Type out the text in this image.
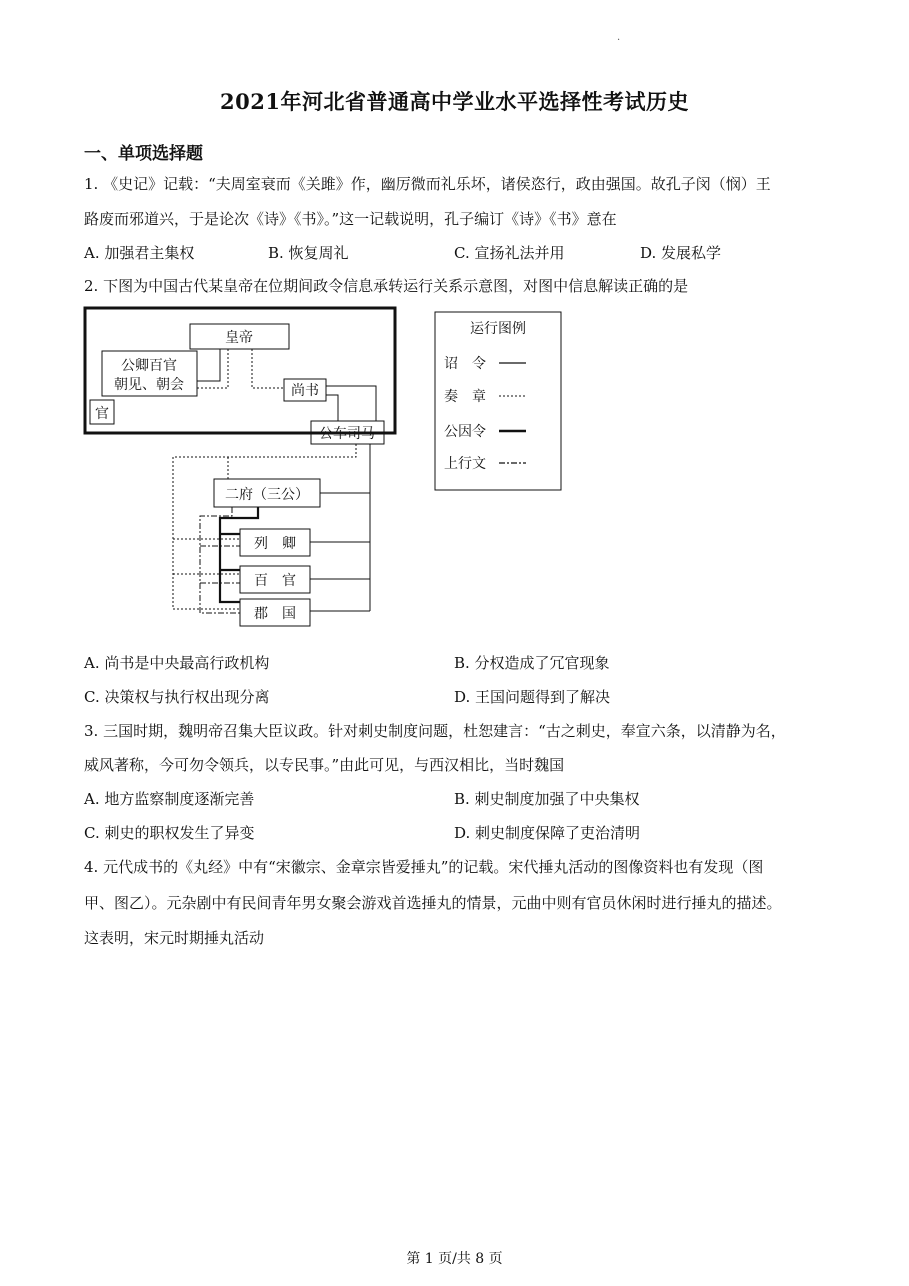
.
2021年河北省普通高中学业水平选择性考试历史
一、单项选择题
1. 《史记》记载：“夫周室衰而《关雎》作，幽厉微而礼乐坏，诸侯恣行，政由强国。故孔子闵（悯）王
路废而邪道兴，于是论次《诗》《书》。”这一记载说明，孔子编订《诗》《书》意在
A. 加强君主集权	B. 恢复周礼	C. 宣扬礼法并用	D. 发展私学
2. 下图为中国古代某皇帝在位期间政令信息承转运行关系示意图，对图中信息解读正确的是
皇帝
公卿百官
朝见、朝会
官
尚书
公车司马
二府（三公）
列　卿
百　官
郡　国
运行图例
诏　令
奏　章
公因令
上行文
A. 尚书是中央最高行政机构	B. 分权造成了冗官现象
C. 决策权与执行权出现分离	D. 王国问题得到了解决
3. 三国时期，魏明帝召集大臣议政。针对刺史制度问题，杜恕建言：“古之刺史，奉宣六条，以清静为名，
威风著称，今可勿令领兵，以专民事。”由此可见，与西汉相比，当时魏国
A. 地方监察制度逐渐完善	B. 刺史制度加强了中央集权
C. 刺史的职权发生了异变	D. 刺史制度保障了吏治清明
4. 元代成书的《丸经》中有“宋徽宗、金章宗皆爱捶丸”的记载。宋代捶丸活动的图像资料也有发现（图
甲、图乙）。元杂剧中有民间青年男女聚会游戏首选捶丸的情景，元曲中则有官员休闲时进行捶丸的描述。
这表明，宋元时期捶丸活动
第 1 页/共 8 页
